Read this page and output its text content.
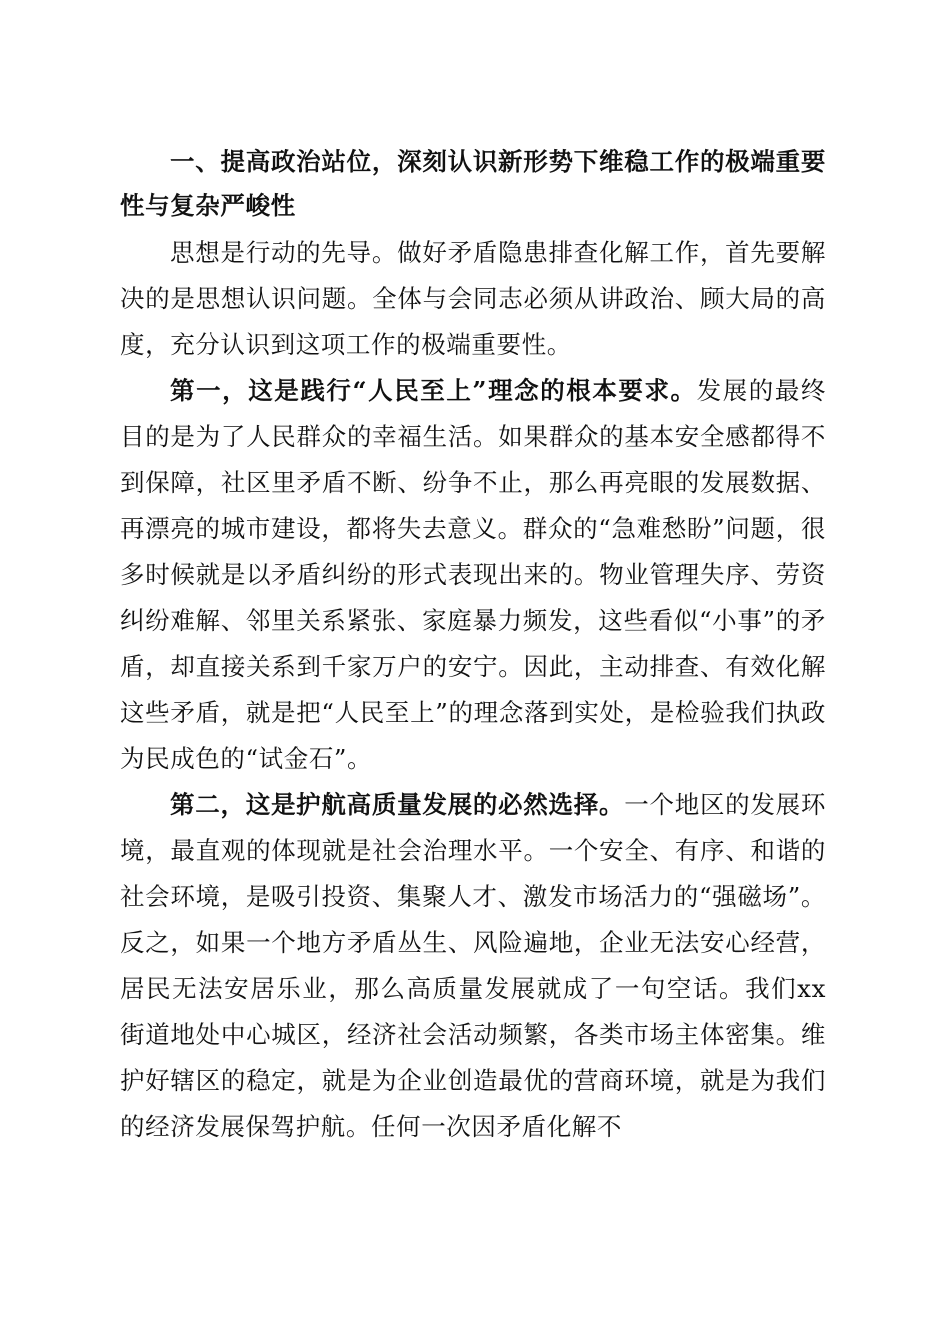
一、提高政治站位，深刻认识新形势下维稳工作的极端重要性与复杂严峻性

思想是行动的先导。做好矛盾隐患排查化解工作，首先要解决的是思想认识问题。全体与会同志必须从讲政治、顾大局的高度，充分认识到这项工作的极端重要性。

第一，这是践行“人民至上”理念的根本要求。发展的最终目的是为了人民群众的幸福生活。如果群众的基本安全感都得不到保障，社区里矛盾不断、纷争不止，那么再亮眼的发展数据、再漂亮的城市建设，都将失去意义。群众的“急难愁盼”问题，很多时候就是以矛盾纠纷的形式表现出来的。物业管理失序、劳资纠纷难解、邻里关系紧张、家庭暴力频发，这些看似“小事”的矛盾，却直接关系到千家万户的安宁。因此，主动排查、有效化解这些矛盾，就是把“人民至上”的理念落到实处，是检验我们执政为民成色的“试金石”。

第二，这是护航高质量发展的必然选择。一个地区的发展环境，最直观的体现就是社会治理水平。一个安全、有序、和谐的社会环境，是吸引投资、集聚人才、激发市场活力的“强磁场”。反之，如果一个地方矛盾丛生、风险遍地，企业无法安心经营，居民无法安居乐业，那么高质量发展就成了一句空话。我们xx街道地处中心城区，经济社会活动频繁，各类市场主体密集。维护好辖区的稳定，就是为企业创造最优的营商环境，就是为我们的经济发展保驾护航。任何一次因矛盾化解不
